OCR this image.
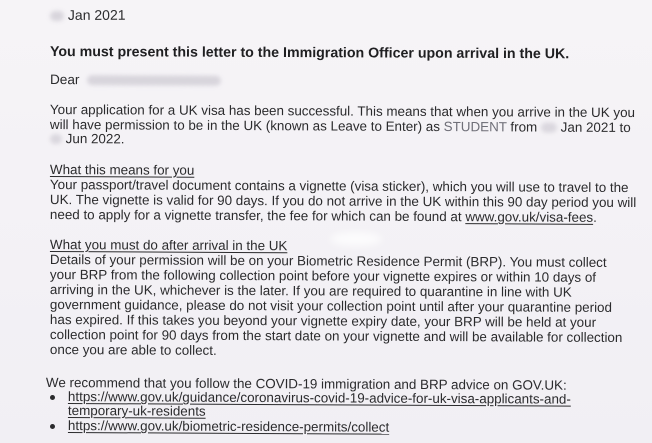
Jan 2021
You must present this letter to the Immigration Officer upon arrival in the UK.
Dear
Your application for a UK visa has been successful. This means that when you arrive in the UK you
will have permission to be in the UK (known as Leave to Enter) as STUDENT from Jan 2021 to
Jun 2022.
What this means for you
Your passport/travel document contains a vignette (visa sticker), which you will use to travel to the
UK. The vignette is valid for 90 days. If you do not arrive in the UK within this 90 day period you will
need to apply for a vignette transfer, the fee for which can be found at www.gov.uk/visa-fees.
What you must do after arrival in the UK
Details of your permission will be on your Biometric Residence Permit (BRP). You must collect
your BRP from the following collection point before your vignette expires or within 10 days of
arriving in the UK, whichever is the later. If you are required to quarantine in line with UK
government guidance, please do not visit your collection point until after your quarantine period
has expired. If this takes you beyond your vignette expiry date, your BRP will be held at your
collection point for 90 days from the start date on your vignette and will be available for collection
once you are able to collect.
We recommend that you follow the COVID-19 immigration and BRP advice on GOV.UK:
https://www.gov.uk/guidance/coronavirus-covid-19-advice-for-uk-visa-applicants-and-
temporary-uk-residents
https://www.gov.uk/biometric-residence-permits/collect
